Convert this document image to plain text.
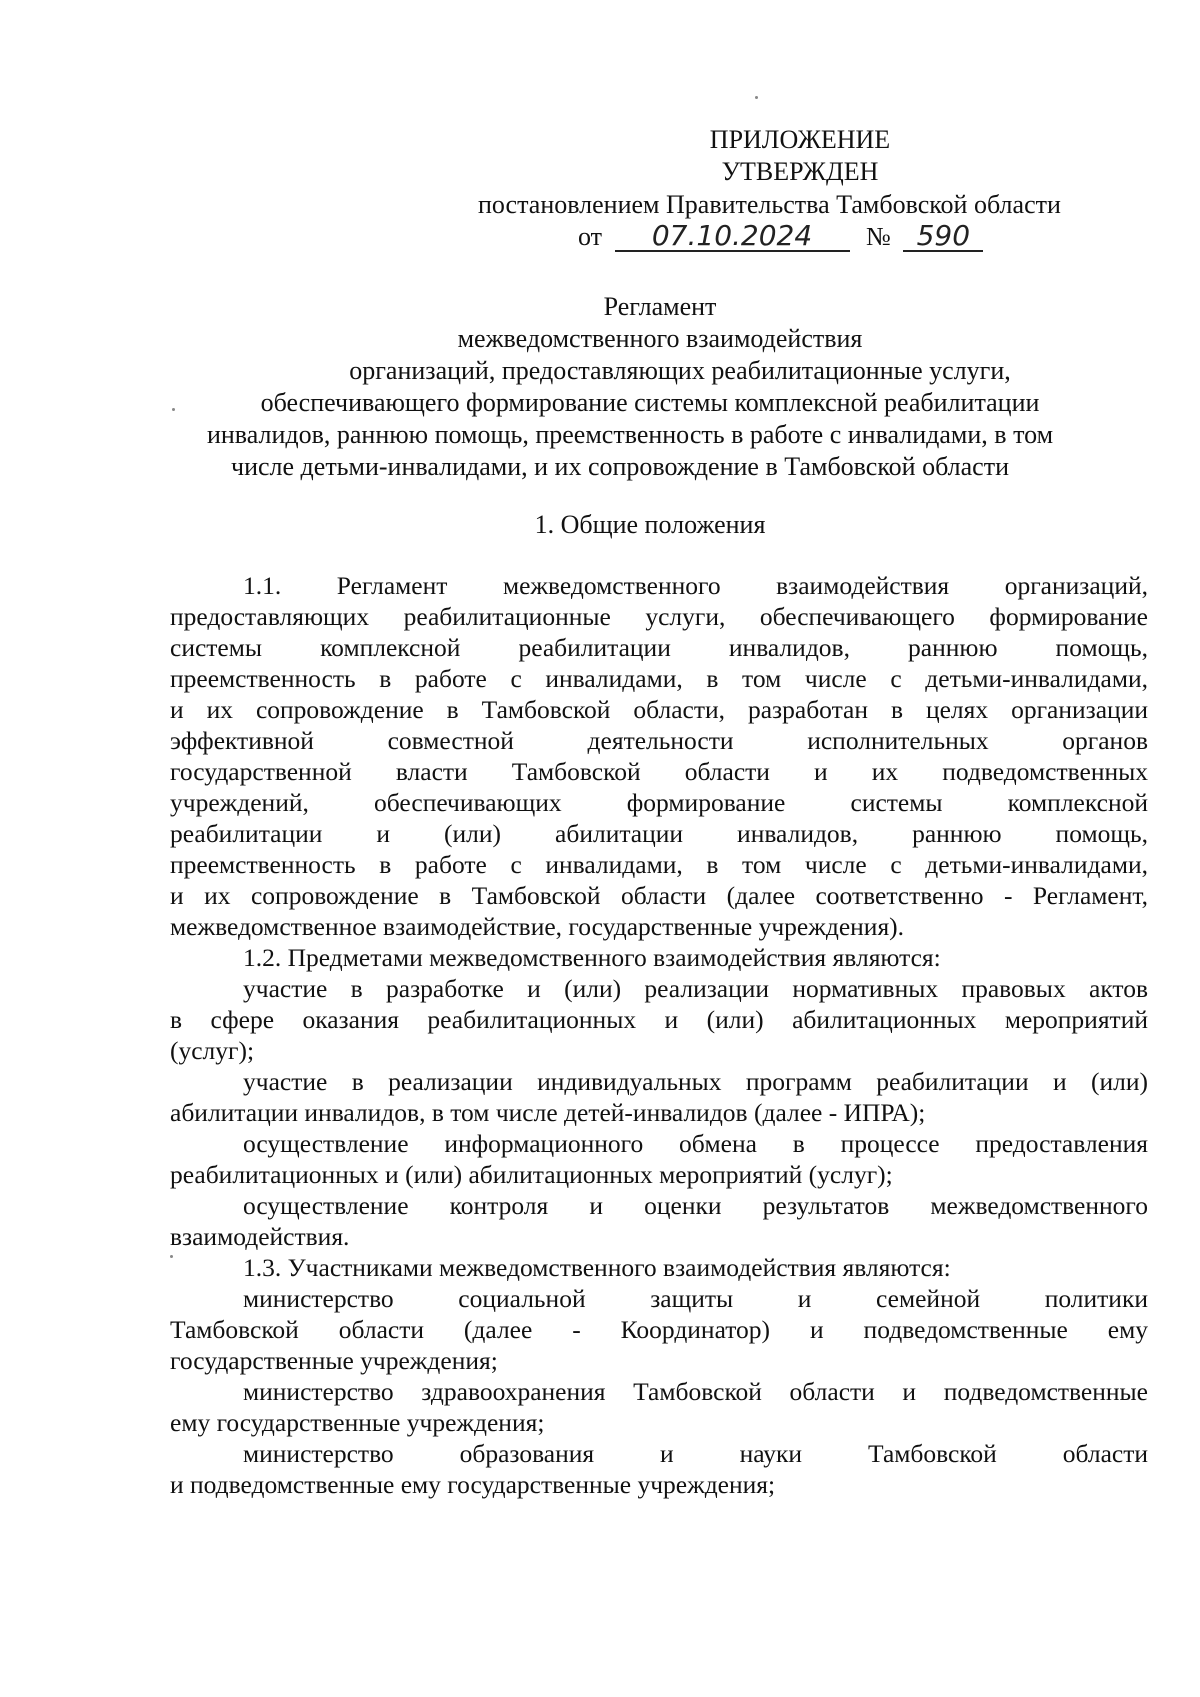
ПРИЛОЖЕНИЕ
УТВЕРЖДЕН
постановлением Правительства Тамбовской области
от 07.10.2024 № 590
Регламент
межведомственного взаимодействия
организаций, предоставляющих реабилитационные услуги,
обеспечивающего формирование системы комплексной реабилитации
инвалидов, раннюю помощь, преемственность в работе с инвалидами, в том
числе детьми-инвалидами, и их сопровождение в Тамбовской области
1. Общие положения
1.1. Регламент межведомственного взаимодействия организаций,
предоставляющих реабилитационные услуги, обеспечивающего формирование
системы комплексной реабилитации инвалидов, раннюю помощь,
преемственность в работе с инвалидами, в том числе с детьми-инвалидами,
и их сопровождение в Тамбовской области, разработан в целях организации
эффективной совместной деятельности исполнительных органов
государственной власти Тамбовской области и их подведомственных
учреждений, обеспечивающих формирование системы комплексной
реабилитации и (или) абилитации инвалидов, раннюю помощь,
преемственность в работе с инвалидами, в том числе с детьми-инвалидами,
и их сопровождение в Тамбовской области (далее соответственно - Регламент,
межведомственное взаимодействие, государственные учреждения).
1.2. Предметами межведомственного взаимодействия являются:
участие в разработке и (или) реализации нормативных правовых актов
в сфере оказания реабилитационных и (или) абилитационных мероприятий
(услуг);
участие в реализации индивидуальных программ реабилитации и (или)
абилитации инвалидов, в том числе детей-инвалидов (далее - ИПРА);
осуществление информационного обмена в процессе предоставления
реабилитационных и (или) абилитационных мероприятий (услуг);
осуществление контроля и оценки результатов межведомственного
взаимодействия.
1.3. Участниками межведомственного взаимодействия являются:
министерство социальной защиты и семейной политики
Тамбовской области (далее - Координатор) и подведомственные ему
государственные учреждения;
министерство здравоохранения Тамбовской области и подведомственные
ему государственные учреждения;
министерство образования и науки Тамбовской области
и подведомственные ему государственные учреждения;
